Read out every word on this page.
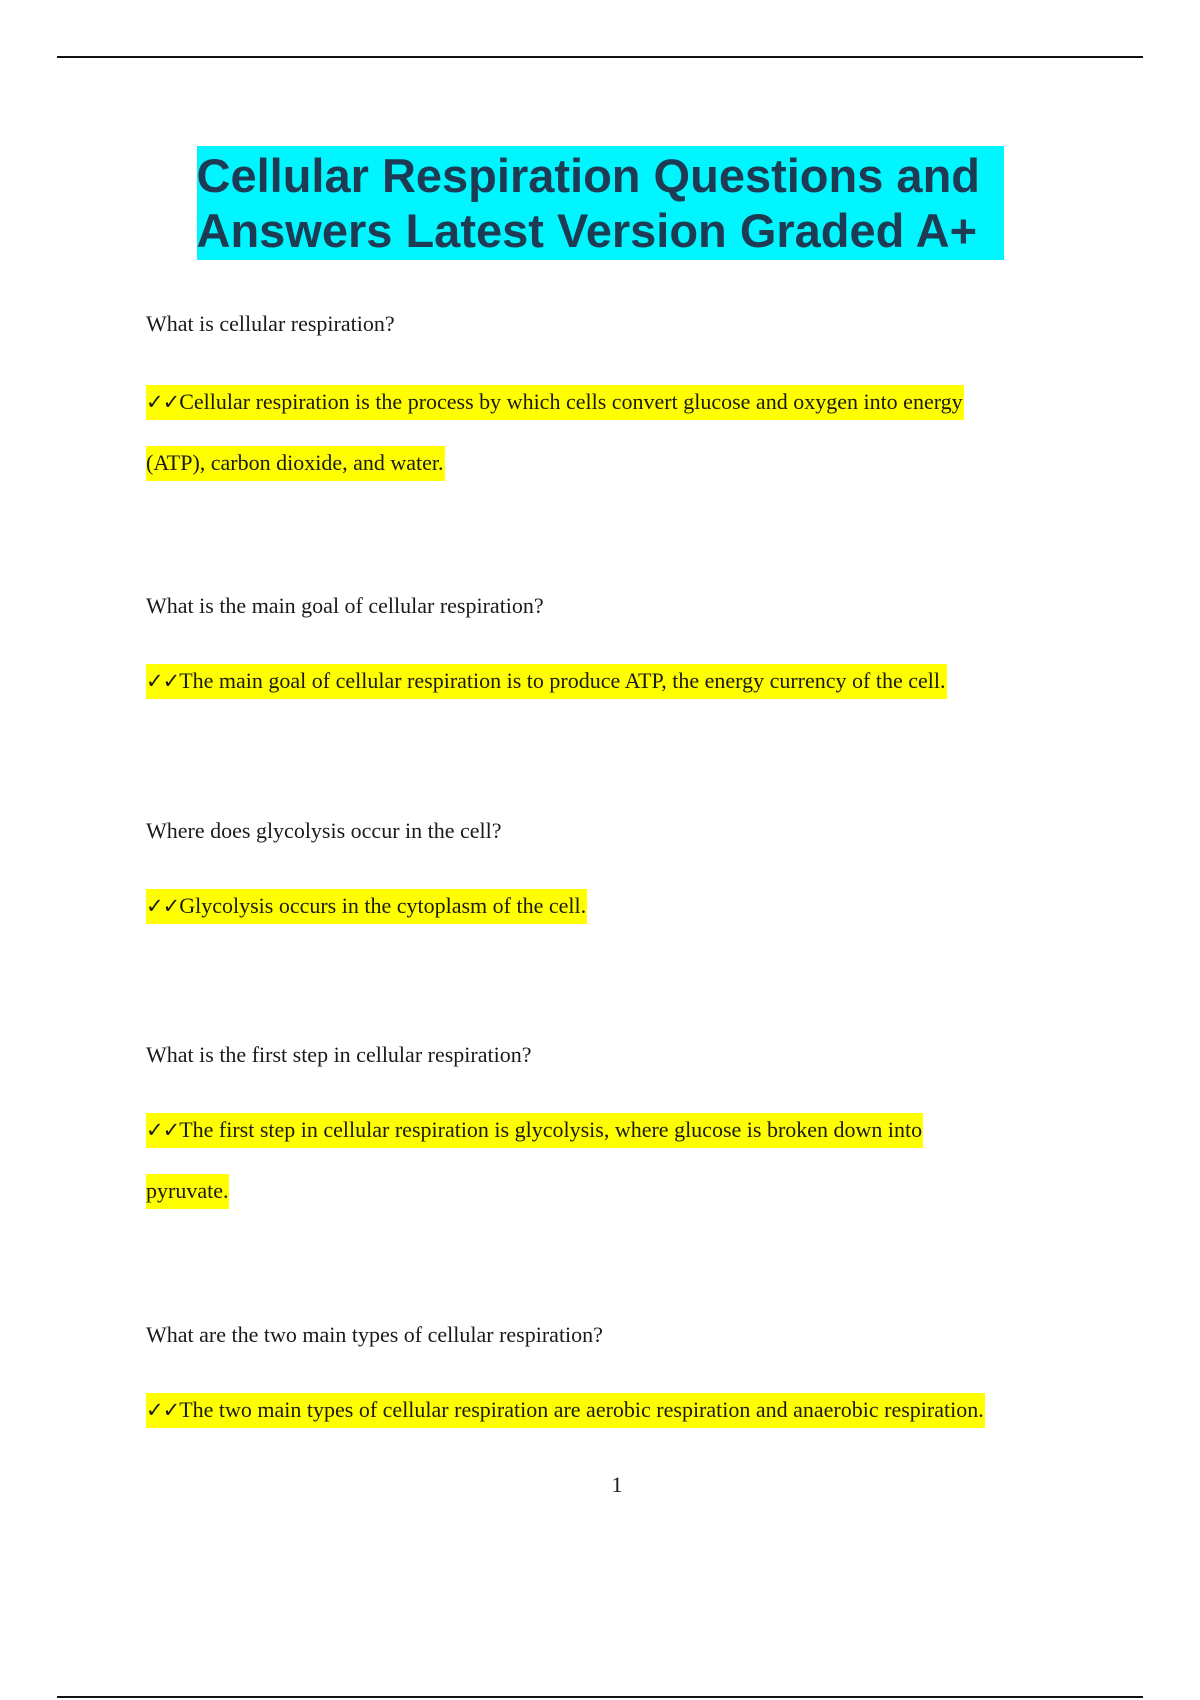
Cellular Respiration Questions and
Answers Latest Version Graded A+
What is cellular respiration?
✓✓Cellular respiration is the process by which cells convert glucose and oxygen into energy
(ATP), carbon dioxide, and water.
What is the main goal of cellular respiration?
✓✓The main goal of cellular respiration is to produce ATP, the energy currency of the cell.
Where does glycolysis occur in the cell?
✓✓Glycolysis occurs in the cytoplasm of the cell.
What is the first step in cellular respiration?
✓✓The first step in cellular respiration is glycolysis, where glucose is broken down into
pyruvate.
What are the two main types of cellular respiration?
✓✓The two main types of cellular respiration are aerobic respiration and anaerobic respiration.
1
